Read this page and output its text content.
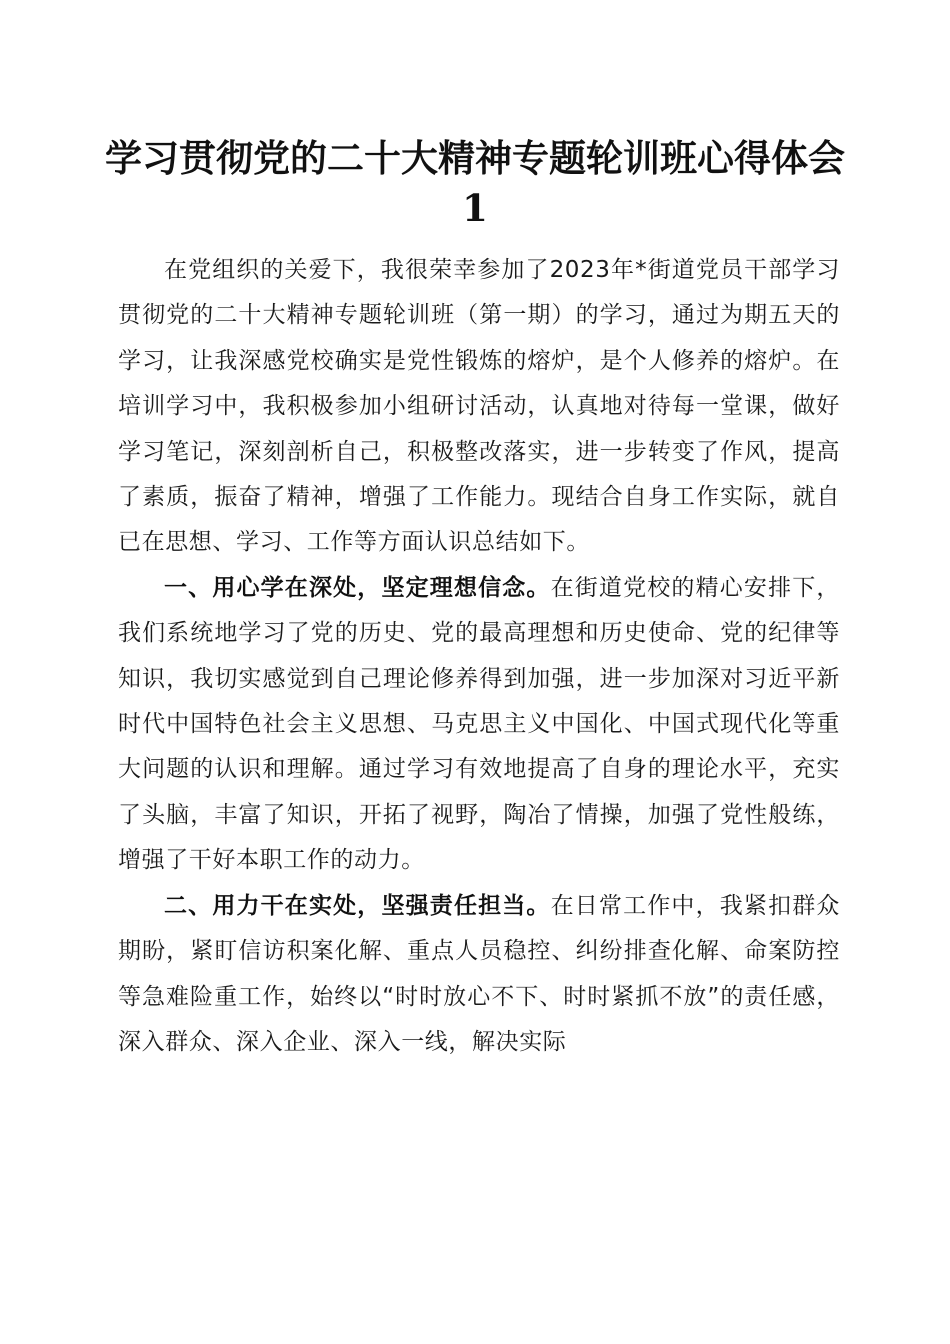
学习贯彻党的二十大精神专题轮训班心得体会
1

在党组织的关爱下，我很荣幸参加了2023年*街道党员干部学习贯彻党的二十大精神专题轮训班（第一期）的学习，通过为期五天的学习，让我深感党校确实是党性锻炼的熔炉，是个人修养的熔炉。在培训学习中，我积极参加小组研讨活动，认真地对待每一堂课，做好学习笔记，深刻剖析自己，积极整改落实，进一步转变了作风，提高了素质，振奋了精神，增强了工作能力。现结合自身工作实际，就自已在思想、学习、工作等方面认识总结如下。

一、用心学在深处，坚定理想信念。在街道党校的精心安排下，我们系统地学习了党的历史、党的最高理想和历史使命、党的纪律等知识，我切实感觉到自己理论修养得到加强，进一步加深对习近平新时代中国特色社会主义思想、马克思主义中国化、中国式现代化等重大问题的认识和理解。通过学习有效地提高了自身的理论水平，充实了头脑，丰富了知识，开拓了视野，陶冶了情操，加强了党性般练，增强了干好本职工作的动力。

二、用力干在实处，坚强责任担当。在日常工作中，我紧扣群众期盼，紧盯信访积案化解、重点人员稳控、纠纷排查化解、命案防控等急难险重工作，始终以“时时放心不下、时时紧抓不放”的责任感，深入群众、深入企业、深入一线，解决实际
